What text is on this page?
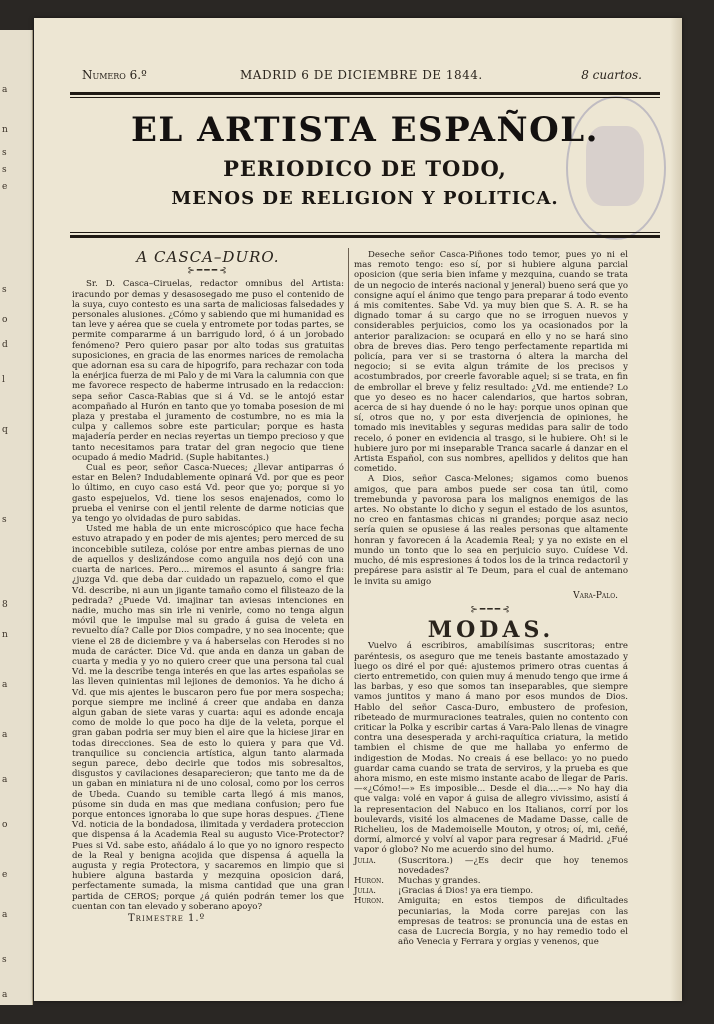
a
n
s
s
e
s
o
d
l
q
s
8
n
a
a
a
o
e
a
s
a
Numero 6.º	MADRID 6 DE DICIEMBRE DE 1844.	8 cuartos.
EL ARTISTA ESPAÑOL.
PERIODICO DE TODO,
MENOS DE RELIGION Y POLITICA.
A CASCA–DURO.
⊱━━━⊰

Sr. D. Casca–Ciruelas, redactor omnibus del Artista: iracundo por demas y desasosegado me puso el contenido de la suya, cuyo contesto es una sarta de maliciosas falsedades y personales alusiones. ¿Cómo y sabiendo que mi humanidad es tan leve y aérea que se cuela y entromete por todas partes, se permite compararme á un barrigudo lord, ó á un jorobado fenómeno? Pero quiero pasar por alto todas sus gratuitas suposiciones, en gracia de las enormes narices de remolacha que adornan esa su cara de hipogrifo, para rechazar con toda la enérjica fuerza de mi Palo y de mi Vara la calumnia con que me favorece respecto de haberme intrusado en la redaccion: sepa señor Casca-Rabias que si á Vd. se le antojó estar acompañado al Hurón en tanto que yo tomaba posesion de mi plaza y prestaba el juramento de costumbre, no es mia la culpa y callemos sobre este particular; porque es hasta majadería perder en necias reyertas un tiempo precioso y que tanto necesitamos para tratar del gran negocio que tiene ocupado á medio Madrid. (Suple habitantes.)

Cual es peor, señor Casca-Nueces; ¿llevar antiparras ó estar en Belen? Indudablemente opinará Vd. por que es peor lo último, en cuyo caso está Vd. peor que yo; porque si yo gasto espejuelos, Vd. tiene los sesos enajenados, como lo prueba el venirse con el jentil relente de darme noticias que ya tengo yo olvidadas de puro sabidas.

Usted me habla de un ente microscópico que hace fecha estuvo atrapado y en poder de mis ajentes; pero merced de su inconcebible sutileza, colóse por entre ambas piernas de uno de aquellos y deslizándose como anguila nos dejó con una cuarta de narices. Pero.... miremos el asunto á sangre fria: ¿juzga Vd. que deba dar cuidado un rapazuelo, como el que Vd. describe, ni aun un jigante tamaño como el filisteazo de la pedrada? ¿Puede Vd. imajinar tan aviesas intenciones en nadie, mucho mas sin irle ni venirle, como no tenga algun móvil que le impulse mal su grado á guisa de veleta en revuelto día? Calle por Dios compadre, y no sea inocente; que viene el 28 de diciembre y va á haberselas con Herodes si no muda de carácter. Dice Vd. que anda en danza un gaban de cuarta y media y yo no quiero creer que una persona tal cual Vd. me la describe tenga interés en que las artes españolas se las lleven quinientas mil lejiones de demonios. Ya he dicho á Vd. que mis ajentes le buscaron pero fue por mera sospecha; porque siempre me incliné á creer que andaba en danza algun gaban de siete varas y cuarta: aqui es adonde encaja como de molde lo que poco ha dije de la veleta, porque el gran gaban podria ser muy bien el aire que la hiciese jirar en todas direcciones. Sea de esto lo quiera y para que Vd. tranquilice su conciencia artística, algun tanto alarmada segun parece, debo decirle que todos mis sobresaltos, disgustos y cavilaciones desaparecieron; que tanto me da de un gaban en miniatura ni de uno colosal, como por los cerros de Ubeda. Cuando su temible carta llegó á mis manos, púsome sin duda en mas que mediana confusion; pero fue porque entonces ignoraba lo que supe horas despues. ¿Tiene Vd. noticia de la bondadosa, ilimitada y verdadera proteccion que dispensa á la Academia Real su augusto Vice-Protector? Pues si Vd. sabe esto, añádalo á lo que yo no ignoro respecto de la Real y benigna acojida que dispensa á aquella la augusta y regia Protectora, y sacaremos en limpio que si hubiere alguna bastarda y mezquina oposicion dará, perfectamente sumada, la misma cantidad que una gran partida de CEROS; porque ¿á quién podrán temer los que cuentan con tan elevado y soberano apoyo?

Trimestre 1.º

Desechе señor Casca-Piñones todo temor, pues yo ni el mas remoto tengo: eso sí, por si hubiere alguna parcial oposicion (que seria bien infame y mezquina, cuando se trata de un negocio de interés nacional y jeneral) bueno será que yo consigne aquí el ánimo que tengo para preparar á todo evento á mis comitentes. Sabe Vd. ya muy bien que S. A. R. se ha dignado tomar á su cargo que no se irroguen nuevos y considerables perjuicios, como los ya ocasionados por la anterior paralizacion: se ocupará en ello y no se hará sino obra de breves dias. Pero tengo perfectamente repartida mi policía, para ver si se trastorna ó altera la marcha del negocio; si se evita algun trámite de los precisos y acostumbrados, por creerle favorable aquel; si se trata, en fin de embrollar el breve y feliz resultado: ¿Vd. me entiende? Lo que yo deseo es no hacer calendarios, que hartos sobran, acerca de si hay duende ó no le hay: porque unos opinan que sí, otros que no, y por esta diverjencia de opiniones, he tomado mis inevitables y seguras medidas para salir de todo recelo, ó poner en evidencia al trasgo, si le hubiere. Oh! si le hubiere juro por mi inseparable Tranca sacarle á danzar en el Artista Español, con sus nombres, apellidos y delitos que han cometido.

A Dios, señor Casca-Melones; sigamos como buenos amigos, que para ambos puede ser cosa tan útil, como tremebunda y pavorosa para los malignos enemigos de las artes. No obstante lo dicho y segun el estado de los asuntos, no creo en fantasmas chicas ni grandes; porque asaz necio sería quien se opusiese á las reales personas que altamente honran y favorecen á la Academia Real; y ya no existe en el mundo un tonto que lo sea en perjuicio suyo. Cuídese Vd. mucho, dé mis espresiones á todos los de la trinca redactoril y prepárese para asistir al Te Deum, para el cual de antemano le invita su amigo

Vara-Palo.
⊱━━━⊰
MODAS.

Vuelvo á escribiros, amabilísimas suscritoras; entre paréntesis, os aseguro que me teneis bastante amostazado y luego os diré el por qué: ajustemos primero otras cuentas á cierto entremetido, con quien muy á menudo tengo que irme á las barbas, y eso que somos tan inseparables, que siempre vamos juntitos y mano á mano por esos mundos de Dios. Hablo del señor Casca-Duro, embustero de profesion, ribeteado de murmuraciones teatrales, quien no contento con criticar la Polka y escribir cartas á Vara-Palo llenas de vinagre contra una desesperada y archi-raquítica criatura, la metido tambien el chisme de que me hallaba yo enfermo de indigestion de Modas. No creais á ese bellaco: yo no puedo guardar cama cuando se trata de serviros, y la prueba es que ahora mismo, en este mismo instante acabo de llegar de Paris.—«¿Cómo!—» Es imposible... Desde el dia....—» No hay dia que valga: volé en vapor á guisa de allegro vivissimo, asistí á la representacion del Nabuco en los Italianos, corrí por los boulevards, visité los almacenes de Madame Dasse, calle de Richelieu, los de Mademoiselle Mouton, y otros; oí, mi, ceñé, dormí, almorcé y volví al vapor para regresar á Madrid. ¿Fué vapor ó globo? No me acuerdo sino del humo.

Julia.	(Suscritora.) —¿Es decir que hoy tenemos novedades?
Huron.	Muchas y grandes.
Julia.	¡Gracias á Dios! ya era tiempo.
Huron.	Amiguita; en estos tiempos de dificultades pecuniarias, la Moda corre parejas con las empresas de teatros: se pronuncia una de estas en casa de Lucrecia Borgia, y no hay remedio todo el año Venecia y Ferrara y orgias y venenos, que
